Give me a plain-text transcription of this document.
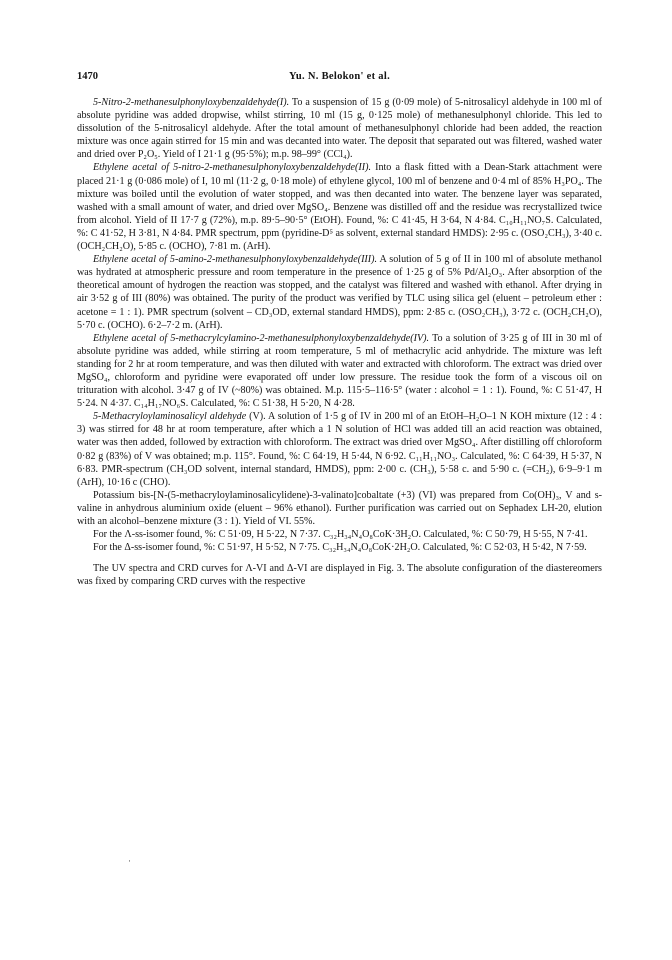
1470	Yu. N. Belokon' et al.

5-Nitro-2-methanesulphonyloxybenzaldehyde(I). To a suspension of 15 g (0·09 mole) of 5-nitrosalicyl aldehyde in 100 ml of absolute pyridine was added dropwise, whilst stirring, 10 ml (15 g, 0·125 mole) of methanesulphonyl chloride. This led to dissolution of the 5-nitrosalicyl aldehyde. After the total amount of methanesulphonyl chloride had been added, the reaction mixture was once again stirred for 15 min and was decanted into water. The deposit that separated out was filtered, washed water and dried over P₂O₅. Yield of I 21·1 g (95·5%); m.p. 98–99° (CCl₄).

Ethylene acetal of 5-nitro-2-methanesulphonyloxybenzaldehyde(II). Into a flask fitted with a Dean-Stark attachment were placed 21·1 g (0·086 mole) of I, 10 ml (11·2 g, 0·18 mole) of ethylene glycol, 100 ml of benzene and 0·4 ml of 85% H₃PO₄. The mixture was boiled until the evolution of water stopped, and was then decanted into water. The benzene layer was separated, washed with a small amount of water, and dried over MgSO₄. Benzene was distilled off and the residue was recrystallized twice from alcohol. Yield of II 17·7 g (72%), m.p. 89·5–90·5° (EtOH). Found, %: C 41·45, H 3·64, N 4·84. C₁₀H₁₁NO₇S. Calculated, %: C 41·52, H 3·81, N 4·84. PMR spectrum, ppm (pyridine-D⁵ as solvent, external standard HMDS): 2·95 c. (OSO₂CH₃), 3·40 c. (OCH₂CH₂O), 5·85 c. (OCHO), 7·81 m. (ArH).

Ethylene acetal of 5-amino-2-methanesulphonyloxybenzaldehyde(III). A solution of 5 g of II in 100 ml of absolute methanol was hydrated at atmospheric pressure and room temperature in the presence of 1·25 g of 5% Pd/Al₂O₃. After absorption of the theoretical amount of hydrogen the reaction was stopped, and the catalyst was filtered and washed with ethanol. After drying in air 3·52 g of III (80%) was obtained. The purity of the product was verified by TLC using silica gel (eluent – petroleum ether : acetone = 1 : 1). PMR spectrum (solvent – CD₃OD, external standard HMDS), ppm: 2·85 c. (OSO₂CH₃), 3·72 c. (OCH₂CH₂O), 5·70 c. (OCHO). 6·2–7·2 m. (ArH).

Ethylene acetal of 5-methacrylcylamino-2-methanesulphonyloxybenzaldehyde(IV). To a solution of 3·25 g of III in 30 ml of absolute pyridine was added, while stirring at room temperature, 5 ml of methacrylic acid anhydride. The mixture was left standing for 2 hr at room temperature, and was then diluted with water and extracted with chloroform. The extract was dried over MgSO₄, chloroform and pyridine were evaporated off under low pressure. The residue took the form of a viscous oil on trituration with alcohol. 3·47 g of IV (~80%) was obtained. M.p. 115·5–116·5° (water : alcohol = 1 : 1). Found, %: C 51·47, H 5·24. N 4·37. C₁₄H₁₇NO₆S. Calculated, %: C 51·38, H 5·20, N 4·28.

5-Methacryloylaminosalicyl aldehyde (V). A solution of 1·5 g of IV in 200 ml of an EtOH–H₂O–1 N KOH mixture (12 : 4 : 3) was stirred for 48 hr at room temperature, after which a 1 N solution of HCl was added till an acid reaction was obtained, water was then added, followed by extraction with chloroform. The extract was dried over MgSO₄. After distilling off chloroform 0·82 g (83%) of V was obtained; m.p. 115°. Found, %: C 64·19, H 5·44, N 6·92. C₁₁H₁₁NO₃. Calculated, %: C 64·39, H 5·37, N 6·83. PMR-spectrum (CH₃OD solvent, internal standard, HMDS), ppm: 2·00 c. (CH₃), 5·58 c. and 5·90 c. (=CH₂), 6·9–9·1 m (ArH), 10·16 c (CHO).

Potassium bis-[N-(5-methacryloylaminosalicylidene)-3-valinato]cobaltate (+3) (VI) was prepared from Co(OH)₃, V and s-valine in anhydrous aluminium oxide (eluent – 96% ethanol). Further purification was carried out on Sephadex LH-20, elution with an alcohol–benzene mixture (3 : 1). Yield of VI. 55%.

For the Λ-ss-isomer found, %: C 51·09, H 5·22, N 7·37. C₃₂H₃₄N₄O₈CoK·3H₂O. Calculated, %: C 50·79, H 5·55, N 7·41.

For the Δ-ss-isomer found, %: C 51·97, H 5·52, N 7·75. C₃₂H₃₄N₄O₈CoK·2H₂O. Calculated, %: C 52·03, H 5·42, N 7·59.

The UV spectra and CRD curves for Λ-VI and Δ-VI are displayed in Fig. 3. The absolute configuration of the diastereomers was fixed by comparing CRD curves with the respective

·
